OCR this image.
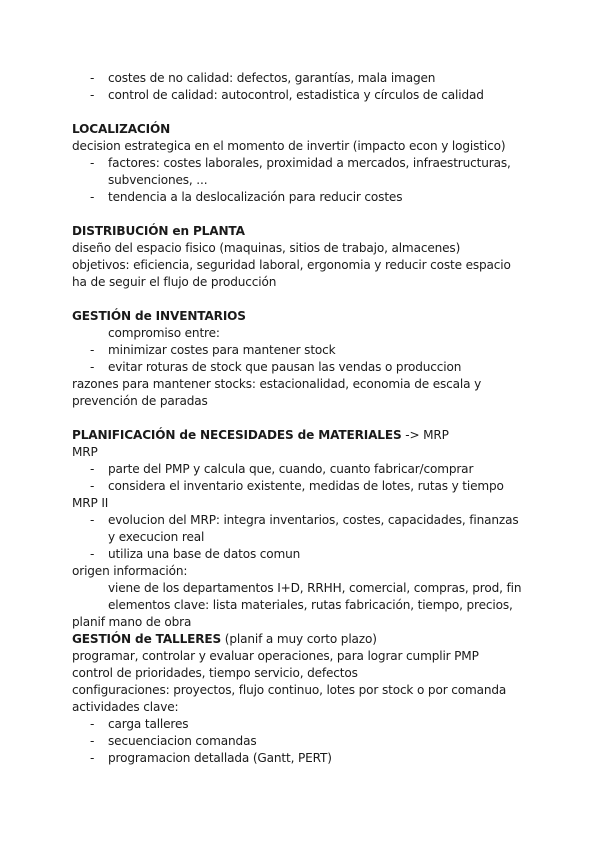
- costes de no calidad: defectos, garantías, mala imagen
- control de calidad: autocontrol, estadistica y círculos de calidad
LOCALIZACIÓN
decision estrategica en el momento de invertir (impacto econ y logistico)
- factores: costes laborales, proximidad a mercados, infraestructuras,
subvenciones, ...
- tendencia a la deslocalización para reducir costes
DISTRIBUCIÓN en PLANTA
diseño del espacio fisico (maquinas, sitios de trabajo, almacenes)
objetivos: eficiencia, seguridad laboral, ergonomia y reducir coste espacio
ha de seguir el flujo de producción
GESTIÓN de INVENTARIOS
compromiso entre:
- minimizar costes para mantener stock
- evitar roturas de stock que pausan las vendas o produccion
razones para mantener stocks: estacionalidad, economia de escala y
prevención de paradas
PLANIFICACIÓN de NECESIDADES de MATERIALES -> MRP
MRP
- parte del PMP y calcula que, cuando, cuanto fabricar/comprar
- considera el inventario existente, medidas de lotes, rutas y tiempo
MRP II
- evolucion del MRP: integra inventarios, costes, capacidades, finanzas
y execucion real
- utiliza una base de datos comun
origen información:
viene de los departamentos I+D, RRHH, comercial, compras, prod, fin
elementos clave: lista materiales, rutas fabricación, tiempo, precios,
planif mano de obra
GESTIÓN de TALLERES (planif a muy corto plazo)
programar, controlar y evaluar operaciones, para lograr cumplir PMP
control de prioridades, tiempo servicio, defectos
configuraciones: proyectos, flujo continuo, lotes por stock o por comanda
actividades clave:
- carga talleres
- secuenciacion comandas
- programacion detallada (Gantt, PERT)
